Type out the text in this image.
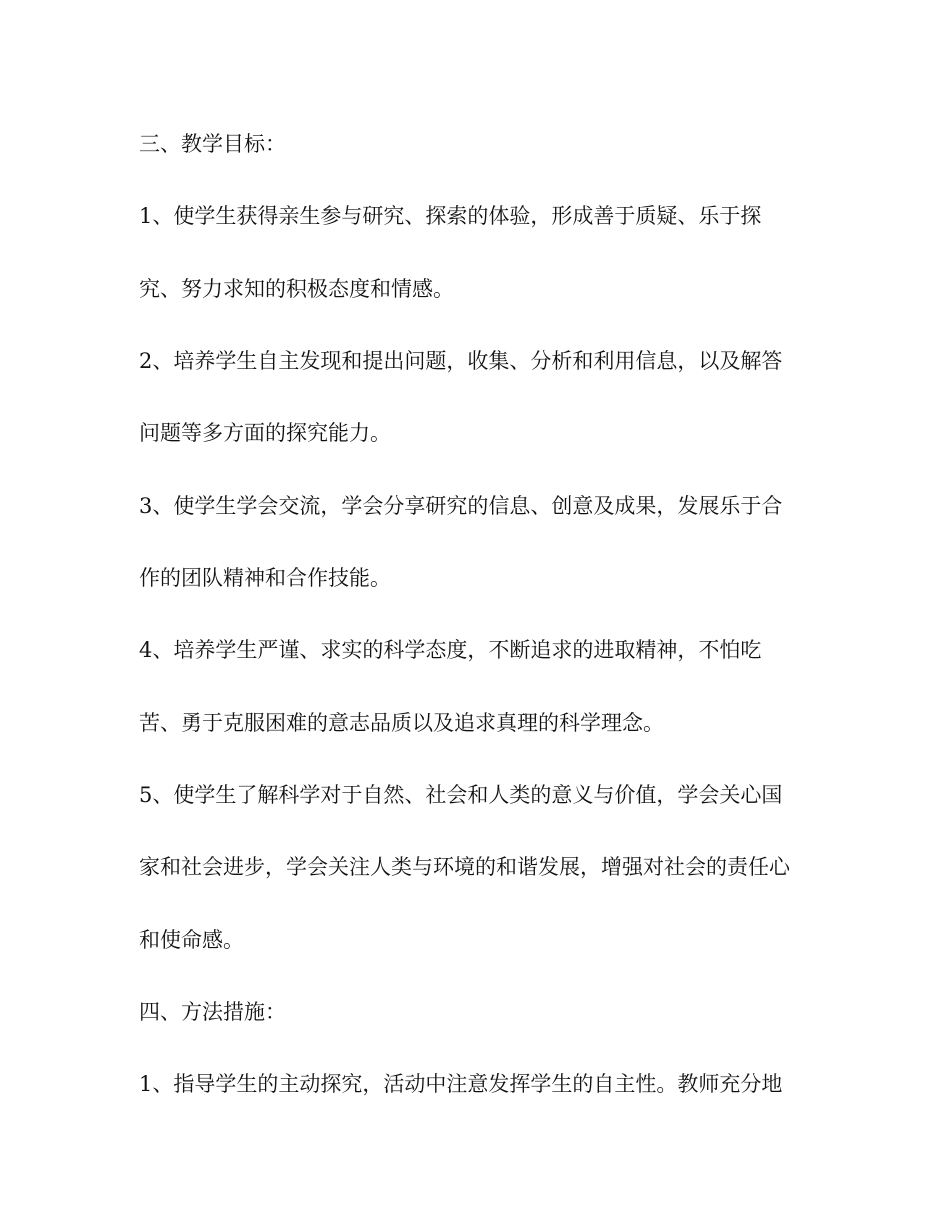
三、教学目标：

1、使学生获得亲生参与研究、探索的体验，形成善于质疑、乐于探

究、努力求知的积极态度和情感。

2、培养学生自主发现和提出问题，收集、分析和利用信息，以及解答

问题等多方面的探究能力。

3、使学生学会交流，学会分享研究的信息、创意及成果，发展乐于合

作的团队精神和合作技能。

4、培养学生严谨、求实的科学态度，不断追求的进取精神，不怕吃

苦、勇于克服困难的意志品质以及追求真理的科学理念。

5、使学生了解科学对于自然、社会和人类的意义与价值，学会关心国

家和社会进步，学会关注人类与环境的和谐发展，增强对社会的责任心

和使命感。

四、方法措施：

1、指导学生的主动探究，活动中注意发挥学生的自主性。教师充分地
